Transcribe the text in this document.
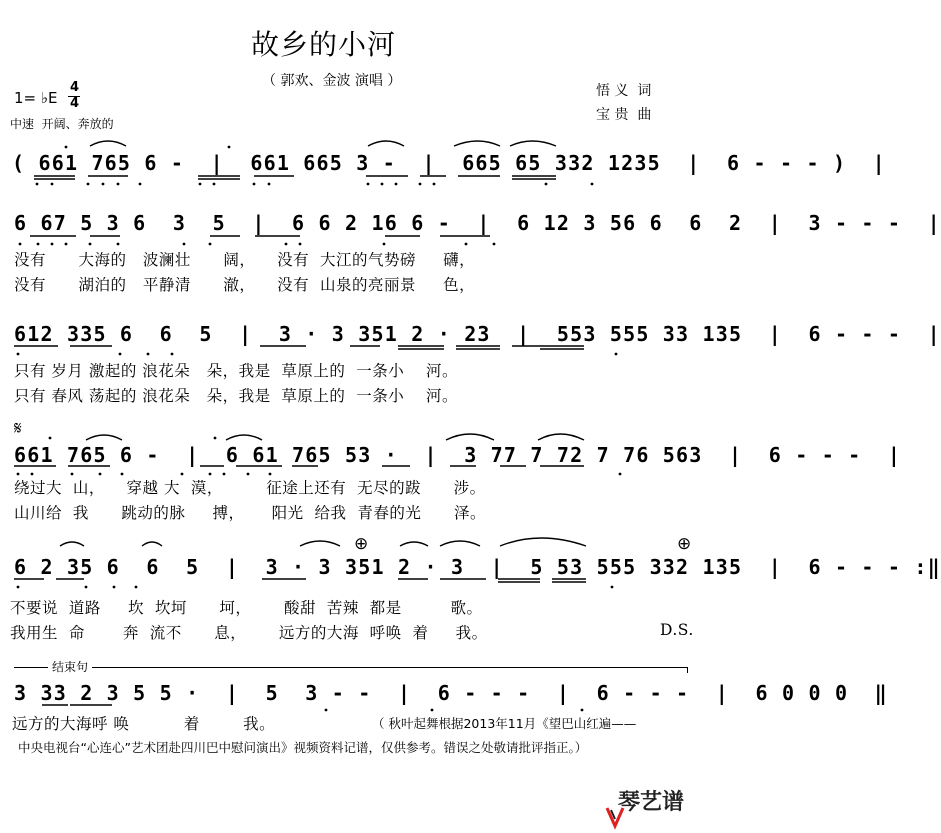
故乡的小河
（ 郭欢、金波 演唱 ）
1= ♭E
4
4
中速  开阔、奔放的
悟 义  词
宝 贵  曲
( 661 765 6 -  |  661 665 3 -  |  665 65 332 1235  |  6 - - - )  |
6 67 5 3 6  3  5  |  6 6 2 16 6 -  |  6 12 3 56 6  6  2  |  3 - - -  |
没有      大海的   波澜壮      阔，    没有  大江的气势磅     礴，
没有      湖泊的   平静清      澈，    没有  山泉的亮丽景     色，
612 335 6  6  5  |  3 · 3 351 2 · 23  |  553 555 33 135  |  6 - - -  |
只有 岁月 激起的 浪花朵   朵，我是  草原上的  一条小    河。
只有 春风 荡起的 浪花朵   朵，我是  草原上的  一条小    河。
𝄋
661 765 6 -  |  6 61 765 53 ·  |  3 77 7 72 7 76 563  |  6 - - -  |
绕过大  山，    穿越 大  漠，        征途上还有  无尽的跋      涉。
山川给  我      跳动的脉     搏，     阳光  给我  青春的光      泽。
⊕	⊕
6 2 35 6  6  5  |  3 · 3 351 2 · 3  |  5 53 555 332 135  |  6 - - - :‖
不要说  道路     坎  坎坷      坷，      酸甜  苦辣  都是         歌。
我用生  命       奔  流不      息，      远方的大海  呼唤  着     我。	D.S.
结束句
3 33 2 3 5 5 ·  |  5  3 - -  |  6 - - -  |  6 - - -  |  6 0 0 0  ‖
远方的大海呼 唤          着        我。	（ 秋叶起舞根据2013年11月《望巴山红遍——
中央电视台“心连心”艺术团赴四川巴中慰问演出》视频资料记谱，仅供参考。错误之处敬请批评指正。）

琴艺谱
